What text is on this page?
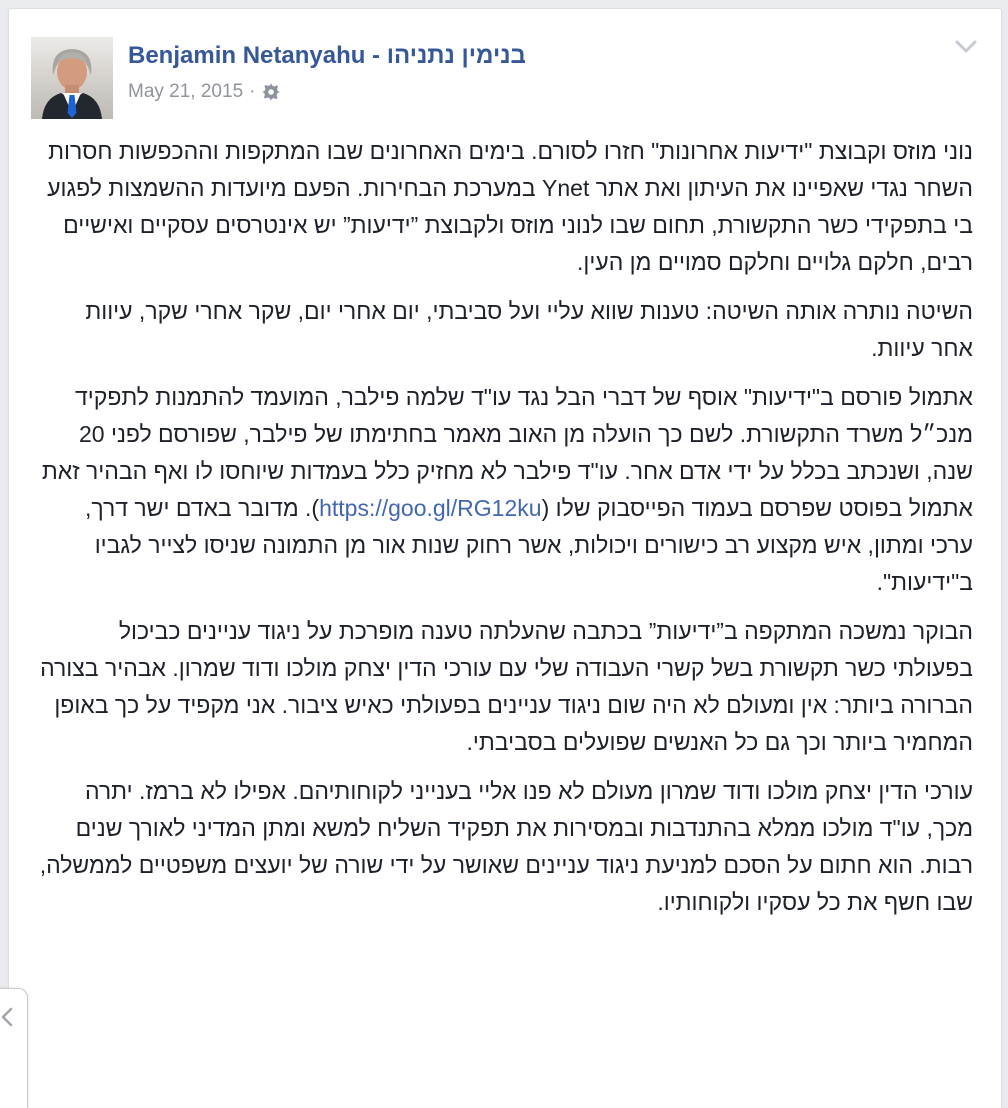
Benjamin Netanyahu - בנימין נתניהו
May 21, 2015 ·

נוני מוזס וקבוצת "ידיעות אחרונות" חזרו לסורם. בימים האחרונים שבו המתקפות וההכפשות חסרות השחר נגדי שאפיינו את העיתון ואת אתר Ynet במערכת הבחירות. הפעם מיועדות ההשמצות לפגוע בי בתפקידי כשר התקשורת, תחום שבו לנוני מוזס ולקבוצת ”ידיעות” יש אינטרסים עסקיים ואישיים רבים, חלקם גלויים וחלקם סמויים מן העין.

השיטה נותרה אותה השיטה: טענות שווא עליי ועל סביבתי, יום אחרי יום, שקר אחרי שקר, עיוות אחר עיוות.

אתמול פורסם ב"ידיעות" אוסף של דברי הבל נגד עו"ד שלמה פילבר, המועמד להתמנות לתפקיד מנכ״ל משרד התקשורת. לשם כך הועלה מן האוב מאמר בחתימתו של פילבר, שפורסם לפני 20 שנה, ושנכתב בכלל על ידי אדם אחר. עו"ד פילבר לא מחזיק כלל בעמדות שיוחסו לו ואף הבהיר זאת אתמול בפוסט שפרסם בעמוד הפייסבוק שלו (https://goo.gl/RG12ku). מדובר באדם ישר דרך, ערכי ומתון, איש מקצוע רב כישורים ויכולות, אשר רחוק שנות אור מן התמונה שניסו לצייר לגביו ב"ידיעות".

הבוקר נמשכה המתקפה ב”ידיעות” בכתבה שהעלתה טענה מופרכת על ניגוד עניינים כביכול בפעולתי כשר תקשורת בשל קשרי העבודה שלי עם עורכי הדין יצחק מולכו ודוד שמרון. אבהיר בצורה הברורה ביותר: אין ומעולם לא היה שום ניגוד עניינים בפעולתי כאיש ציבור. אני מקפיד על כך באופן המחמיר ביותר וכך גם כל האנשים שפועלים בסביבתי.

עורכי הדין יצחק מולכו ודוד שמרון מעולם לא פנו אליי בענייני לקוחותיהם. אפילו לא ברמז. יתרה מכך, עו"ד מולכו ממלא בהתנדבות ובמסירות את תפקיד השליח למשא ומתן המדיני לאורך שנים רבות. הוא חתום על הסכם למניעת ניגוד עניינים שאושר על ידי שורה של יועצים משפטיים לממשלה, שבו חשף את כל עסקיו ולקוחותיו.
